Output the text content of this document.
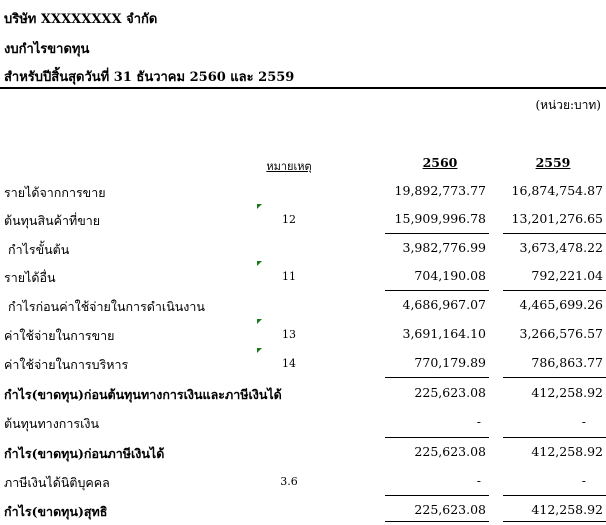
บริษัท XXXXXXXX จำกัด
งบกำไรขาดทุน
สำหรับปีสิ้นสุดวันที่ 31 ธันวาคม 2560 และ 2559
(หน่วย:บาท)
หมายเหตุ	2560	2559
รายได้จากการขาย	19,892,773.77 16,874,754.87
ต้นทุนสินค้าที่ขาย	12	15,909,996.78 13,201,276.65
กำไรขั้นต้น	3,982,776.99	3,673,478.22
รายได้อื่น	11	704,190.08	792,221.04
กำไรก่อนค่าใช้จ่ายในการดำเนินงาน	4,686,967.07	4,465,699.26
ค่าใช้จ่ายในการขาย	13	3,691,164.10	3,266,576.57
ค่าใช้จ่ายในการบริหาร	14	770,179.89	786,863.77
กำไร(ขาดทุน)ก่อนต้นทุนทางการเงินและภาษีเงินได้	225,623.08	412,258.92
ต้นทุนทางการเงิน	-	-
กำไร(ขาดทุน)ก่อนภาษีเงินได้	225,623.08	412,258.92
ภาษีเงินได้นิติบุคคล	3.6	-	-
กำไร(ขาดทุน)สุทธิ	225,623.08	412,258.92
